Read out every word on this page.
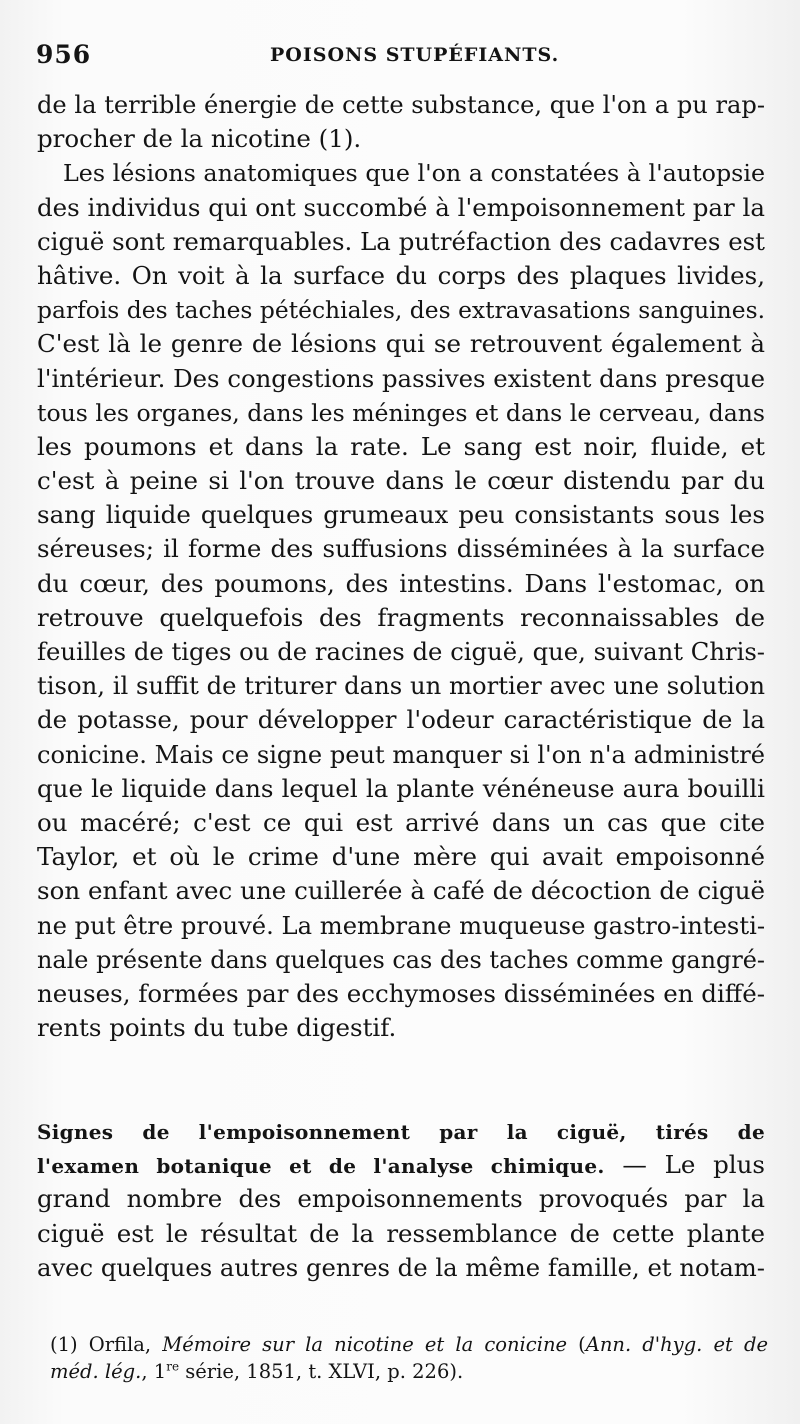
956	POISONS STUPÉFIANTS.
de la terrible énergie de cette substance, que l'on a pu rap-
procher de la nicotine (1).
Les lésions anatomiques que l'on a constatées à l'autopsie
des individus qui ont succombé à l'empoisonnement par la
ciguë sont remarquables. La putréfaction des cadavres est
hâtive. On voit à la surface du corps des plaques livides,
parfois des taches pétéchiales, des extravasations sanguines.
C'est là le genre de lésions qui se retrouvent également à
l'intérieur. Des congestions passives existent dans presque
tous les organes, dans les méninges et dans le cerveau, dans
les poumons et dans la rate. Le sang est noir, fluide, et
c'est à peine si l'on trouve dans le cœur distendu par du
sang liquide quelques grumeaux peu consistants sous les
séreuses; il forme des suffusions disséminées à la surface
du cœur, des poumons, des intestins. Dans l'estomac, on
retrouve quelquefois des fragments reconnaissables de
feuilles de tiges ou de racines de ciguë, que, suivant Chris-
tison, il suffit de triturer dans un mortier avec une solution
de potasse, pour développer l'odeur caractéristique de la
conicine. Mais ce signe peut manquer si l'on n'a administré
que le liquide dans lequel la plante vénéneuse aura bouilli
ou macéré; c'est ce qui est arrivé dans un cas que cite
Taylor, et où le crime d'une mère qui avait empoisonné
son enfant avec une cuillerée à café de décoction de ciguë
ne put être prouvé. La membrane muqueuse gastro-intesti-
nale présente dans quelques cas des taches comme gangré-
neuses, formées par des ecchymoses disséminées en diffé-
rents points du tube digestif.
Signes de l'empoisonnement par la ciguë, tirés de
l'examen botanique et de l'analyse chimique. — Le plus
grand nombre des empoisonnements provoqués par la
ciguë est le résultat de la ressemblance de cette plante
avec quelques autres genres de la même famille, et notam-
(1) Orfila, Mémoire sur la nicotine et la conicine (Ann. d'hyg. et de
méd. lég., 1re série, 1851, t. XLVI, p. 226).
